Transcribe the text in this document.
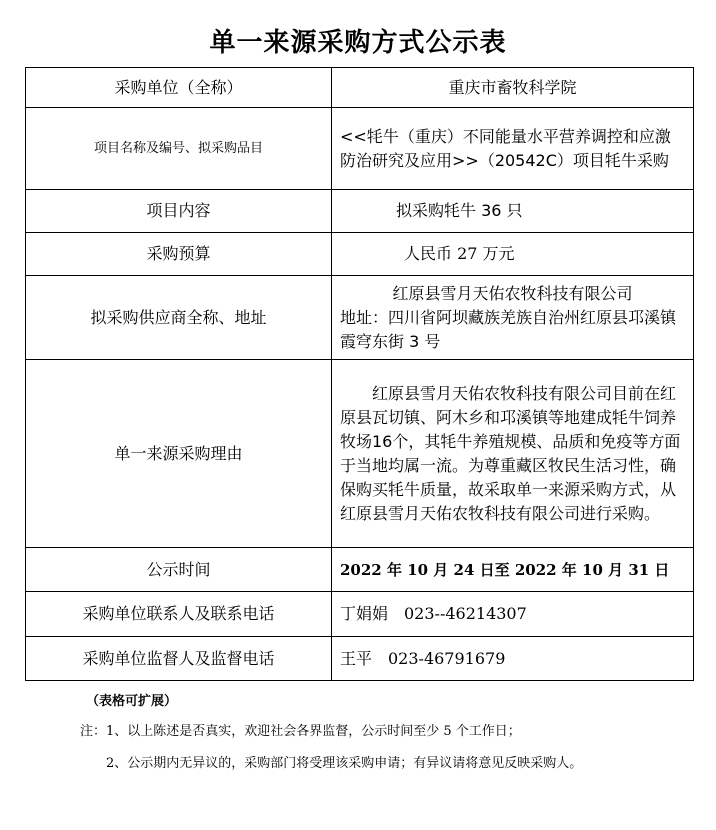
单一来源采购方式公示表
采购单位（全称）	重庆市畜牧科学院
项目名称及编号、拟采购品目	<<牦牛（重庆）不同能量水平营养调控和应激防治研究及应用>>（20542C）项目牦牛采购
项目内容	拟采购牦牛 36 只
采购预算	人民币 27 万元
拟采购供应商全称、地址	红原县雪月天佑农牧科技有限公司
地址：四川省阿坝藏族羌族自治州红原县邛溪镇霞穹东街 3 号
单一来源采购理由	红原县雪月天佑农牧科技有限公司目前在红原县瓦切镇、阿木乡和邛溪镇等地建成牦牛饲养牧场16个，其牦牛养殖规模、品质和免疫等方面于当地均属一流。为尊重藏区牧民生活习性，确保购买牦牛质量，故采取单一来源采购方式，从红原县雪月天佑农牧科技有限公司进行采购。
公示时间	2022 年 10 月 24 日至 2022 年 10 月 31 日
采购单位联系人及联系电话	丁娟娟　023--46214307
采购单位监督人及监督电话	王平　023-46791679
（表格可扩展）
注：1、以上陈述是否真实，欢迎社会各界监督，公示时间至少 5 个工作日；
2、公示期内无异议的，采购部门将受理该采购申请；有异议请将意见反映采购人。
